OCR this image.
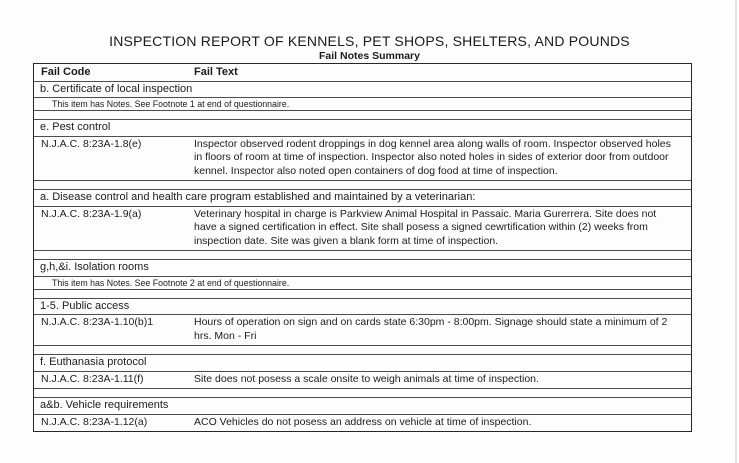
INSPECTION REPORT OF KENNELS, PET SHOPS, SHELTERS, AND POUNDS
Fail Notes Summary
Fail Code	Fail Text
b. Certificate of local inspection
This item has Notes. See Footnote 1 at end of questionnaire.
e. Pest control
N.J.A.C. 8:23A-1.8(e)	Inspector observed rodent droppings in dog kennel area along walls of room. Inspector observed holes in floors of room at time of inspection. Inspector also noted holes in sides of exterior door from outdoor kennel. Inspector also noted open containers of dog food at time of inspection.
a. Disease control and health care program established and maintained by a veterinarian:
N.J.A.C. 8:23A-1.9(a)	Veterinary hospital in charge is Parkview Animal Hospital in Passaic. Maria Gurerrera. Site does not have a signed certification in effect. Site shall posess a signed cewrtification within (2) weeks from inspection date. Site was given a blank form at time of inspection.
g,h,&i. Isolation rooms
This item has Notes. See Footnote 2 at end of questionnaire.
1-5. Public access
N.J.A.C. 8:23A-1.10(b)1	Hours of operation on sign and on cards state 6:30pm - 8:00pm. Signage should state a minimum of 2 hrs. Mon - Fri
f. Euthanasia protocol
N.J.A.C. 8:23A-1.11(f)	Site does not posess a scale onsite to weigh animals at time of inspection.
a&b. Vehicle requirements
N.J.A.C. 8:23A-1.12(a)	ACO Vehicles do not posess an address on vehicle at time of inspection.
